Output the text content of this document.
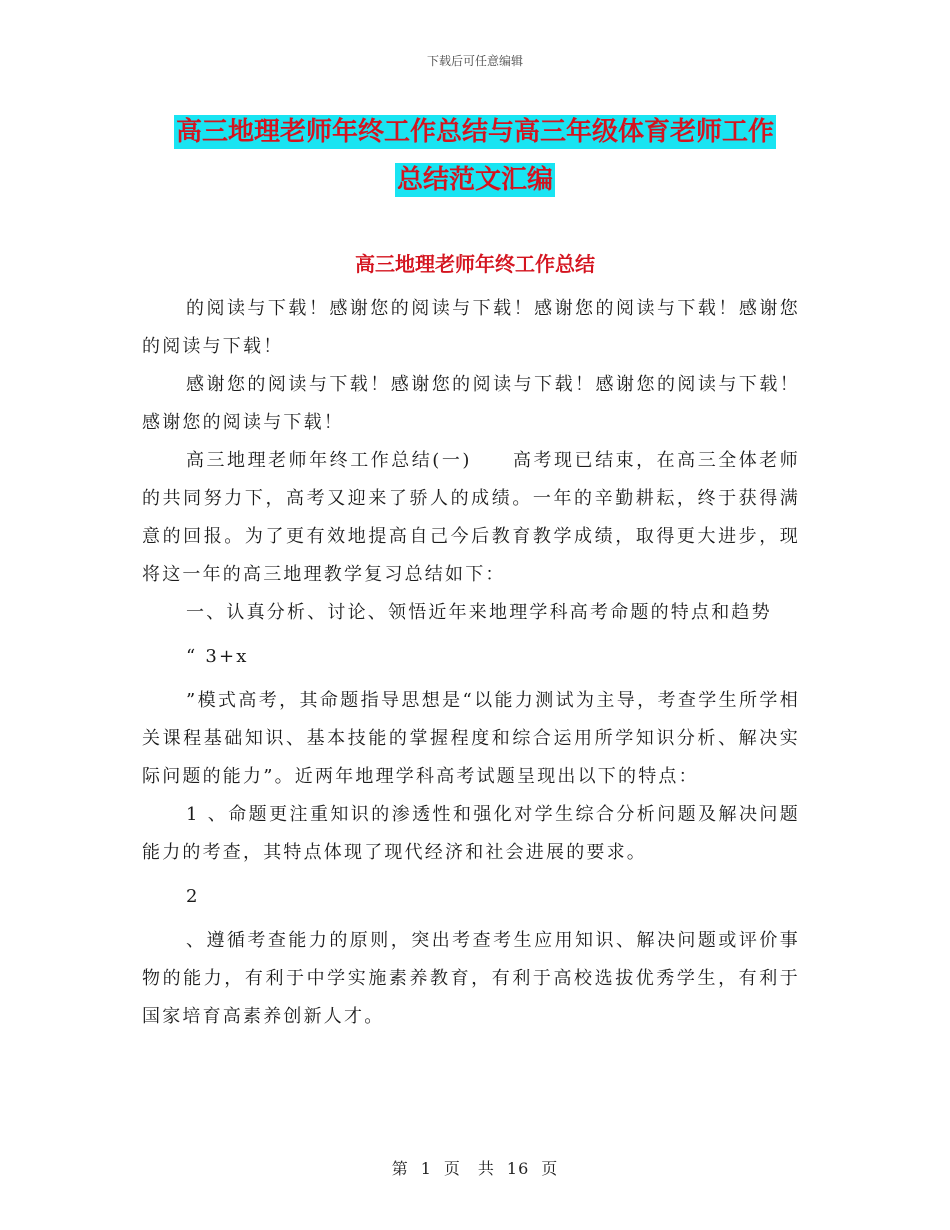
下载后可任意编辑
高三地理老师年终工作总结与高三年级体育老师工作
总结范文汇编
高三地理老师年终工作总结

的阅读与下载！感谢您的阅读与下载！感谢您的阅读与下载！感谢您的阅读与下载！

感谢您的阅读与下载！感谢您的阅读与下载！感谢您的阅读与下载！感谢您的阅读与下载！

高三地理老师年终工作总结(一)　　高考现已结束，在高三全体老师的共同努力下，高考又迎来了骄人的成绩。一年的辛勤耕耘，终于获得满意的回报。为了更有效地提高自己今后教育教学成绩，取得更大进步，现将这一年的高三地理教学复习总结如下：

一、认真分析、讨论、领悟近年来地理学科高考命题的特点和趋势

“ 3+x

”模式高考，其命题指导思想是“以能力测试为主导，考查学生所学相关课程基础知识、基本技能的掌握程度和综合运用所学知识分析、解决实际问题的能力”。近两年地理学科高考试题呈现出以下的特点：

1 、命题更注重知识的渗透性和强化对学生综合分析问题及解决问题能力的考查，其特点体现了现代经济和社会进展的要求。

2

、遵循考查能力的原则，突出考查考生应用知识、解决问题或评价事物的能力，有利于中学实施素养教育，有利于高校选拔优秀学生，有利于国家培育高素养创新人才。

第 1 页　共 16 页
